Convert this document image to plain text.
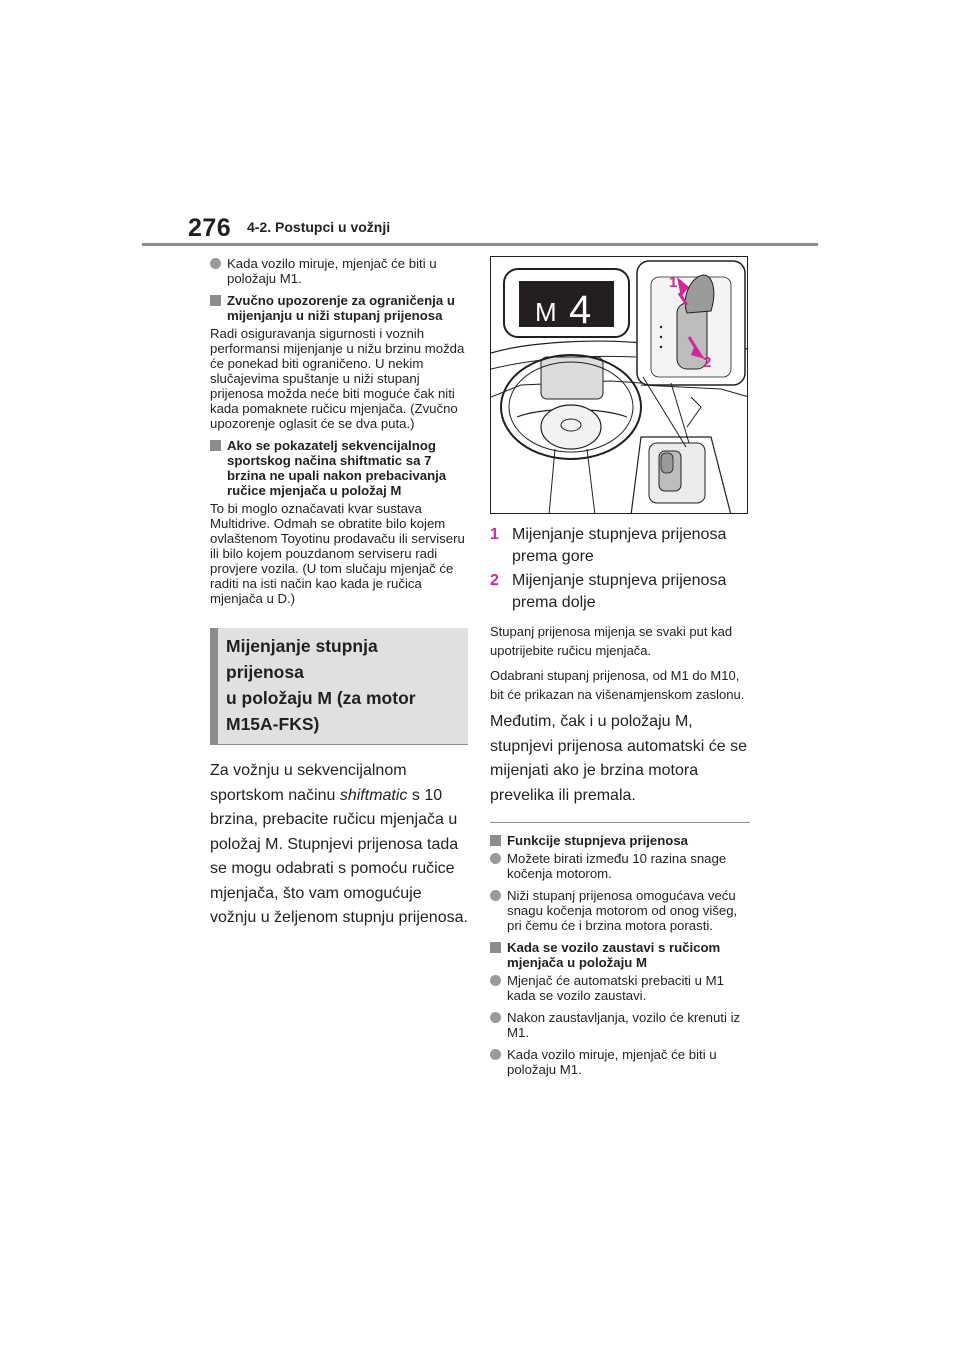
276 4-2. Postupci u vožnji
Kada vozilo miruje, mjenjač će biti u položaju M1.
Zvučno upozorenje za ograničenja u mijenjanju u niži stupanj prijenosa

Radi osiguravanja sigurnosti i voznih performansi mijenjanje u nižu brzinu možda će ponekad biti ograničeno. U nekim slučajevima spuštanje u niži stupanj prijenosa možda neće biti moguće čak niti kada pomaknete ručicu mjenjača. (Zvučno upozorenje oglasit će se dva puta.)

Ako se pokazatelj sekvencijalnog sportskog načina shiftmatic sa 7 brzina ne upali nakon prebacivanja ručice mjenjača u položaj M

To bi moglo označavati kvar sustava Multidrive. Odmah se obratite bilo kojem ovlaštenom Toyotinu prodavaču ili serviseru ili bilo kojem pouzdanom serviseru radi provjere vozila. (U tom slučaju mjenjač će raditi na isti način kao kada je ručica mjenjača u D.)

Mijenjanje stupnja prijenosa
u položaju M (za motor
M15A-FKS)

Za vožnju u sekvencijalnom sportskom načinu shiftmatic s 10 brzina, prebacite ručicu mjenjača u položaj M. Stupnjevi prijenosa tada se mogu odabrati s pomoću ručice mjenjača, što vam omogućuje vožnju u željenom stupnju prijenosa.

M 4
1
2
1 Mijenjanje stupnjeva prijenosa prema gore
2 Mijenjanje stupnjeva prijenosa prema dolje

Stupanj prijenosa mijenja se svaki put kad upotrijebite ručicu mjenjača.

Odabrani stupanj prijenosa, od M1 do M10, bit će prikazan na višenamjenskom zaslonu.

Međutim, čak i u položaju M, stupnjevi prijenosa automatski će se mijenjati ako je brzina motora prevelika ili premala.

Funkcije stupnjeva prijenosa
Možete birati između 10 razina snage kočenja motorom.
Niži stupanj prijenosa omogućava veću snagu kočenja motorom od onog višeg, pri čemu će i brzina motora porasti.
Kada se vozilo zaustavi s ručicom mjenjača u položaju M
Mjenjač će automatski prebaciti u M1 kada se vozilo zaustavi.
Nakon zaustavljanja, vozilo će krenuti iz M1.
Kada vozilo miruje, mjenjač će biti u položaju M1.
